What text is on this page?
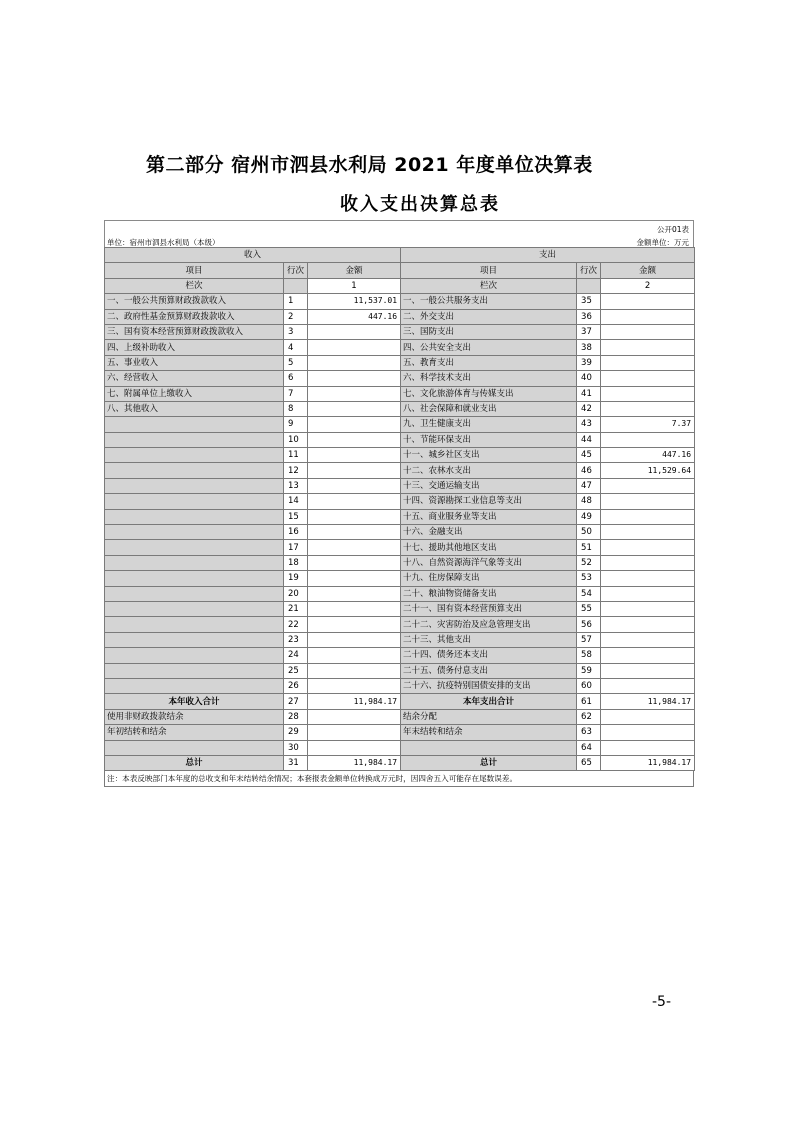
第二部分 宿州市泗县水利局 2021 年度单位决算表
收入支出决算总表
公开01表
单位：宿州市泗县水利局（本级）	金额单位：万元
收入			支出		
项目	行次	金额	项目	行次	金额
栏次		1	栏次		2
一、一般公共预算财政拨款收入	1	11,537.01	一、一般公共服务支出	35	
二、政府性基金预算财政拨款收入	2	447.16	二、外交支出	36	
三、国有资本经营预算财政拨款收入	3		三、国防支出	37	
四、上级补助收入	4		四、公共安全支出	38	
五、事业收入	5		五、教育支出	39	
六、经营收入	6		六、科学技术支出	40	
七、附属单位上缴收入	7		七、文化旅游体育与传媒支出	41	
八、其他收入	8		八、社会保障和就业支出	42	
	9		九、卫生健康支出	43	7.37
	10		十、节能环保支出	44	
	11		十一、城乡社区支出	45	447.16
	12		十二、农林水支出	46	11,529.64
	13		十三、交通运输支出	47	
	14		十四、资源勘探工业信息等支出	48	
	15		十五、商业服务业等支出	49	
	16		十六、金融支出	50	
	17		十七、援助其他地区支出	51	
	18		十八、自然资源海洋气象等支出	52	
	19		十九、住房保障支出	53	
	20		二十、粮油物资储备支出	54	
	21		二十一、国有资本经营预算支出	55	
	22		二十二、灾害防治及应急管理支出	56	
	23		二十三、其他支出	57	
	24		二十四、债务还本支出	58	
	25		二十五、债务付息支出	59	
	26		二十六、抗疫特别国债安排的支出	60	
本年收入合计	27	11,984.17	本年支出合计	61	11,984.17
使用非财政拨款结余	28		结余分配	62	
年初结转和结余	29		年末结转和结余	63	
	30			64	
总计	31	11,984.17	总计	65	11,984.17
注：本表反映部门本年度的总收支和年末结转结余情况；本套报表金额单位转换成万元时，因四舍五入可能存在尾数误差。
-5-
